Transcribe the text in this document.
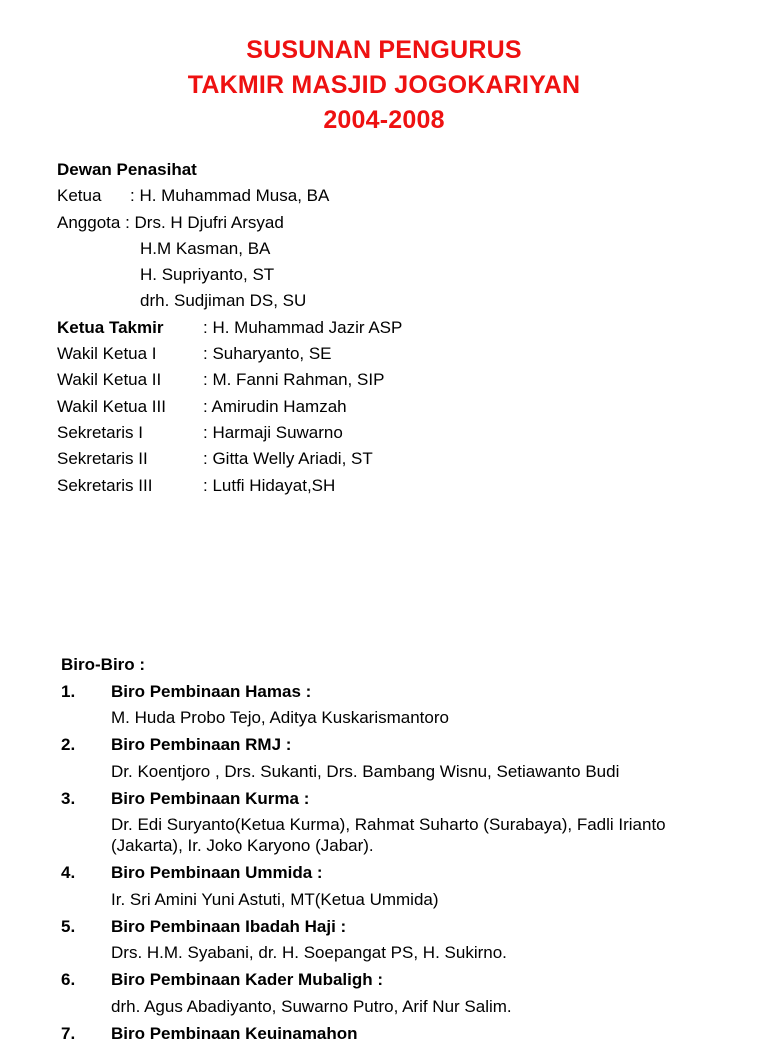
SUSUNAN PENGURUS
TAKMIR MASJID JOGOKARIYAN
2004-2008
Dewan Penasihat
Ketua : H. Muhammad Musa, BA
Anggota : Drs. H Djufri Arsyad
H.M Kasman, BA
H. Supriyanto, ST
drh. Sudjiman DS, SU
Ketua Takmir : H. Muhammad Jazir ASP
Wakil Ketua I	: Suharyanto, SE
Wakil Ketua II : M. Fanni Rahman, SIP
Wakil Ketua III : Amirudin Hamzah
Sekretaris I	: Harmaji Suwarno
Sekretaris II	: Gitta Welly Ariadi, ST
Sekretaris III	: Lutfi Hidayat,SH
Biro-Biro :
1. Biro Pembinaan Hamas :
M. Huda Probo Tejo, Aditya Kuskarismantoro
2. Biro Pembinaan RMJ :
Dr. Koentjoro , Drs. Sukanti, Drs. Bambang Wisnu, Setiawanto Budi
3. Biro Pembinaan Kurma :
Dr. Edi Suryanto(Ketua Kurma), Rahmat Suharto (Surabaya), Fadli Irianto (Jakarta), Ir. Joko Karyono (Jabar).
4. Biro Pembinaan Ummida :
Ir. Sri Amini Yuni Astuti, MT(Ketua Ummida)
5. Biro Pembinaan Ibadah Haji :
Drs. H.M. Syabani, dr. H. Soepangat PS, H. Sukirno.
6. Biro Pembinaan Kader Mubaligh :
drh. Agus Abadiyanto, Suwarno Putro, Arif Nur Salim.
7. Biro Pembinaan Keuinamahon
